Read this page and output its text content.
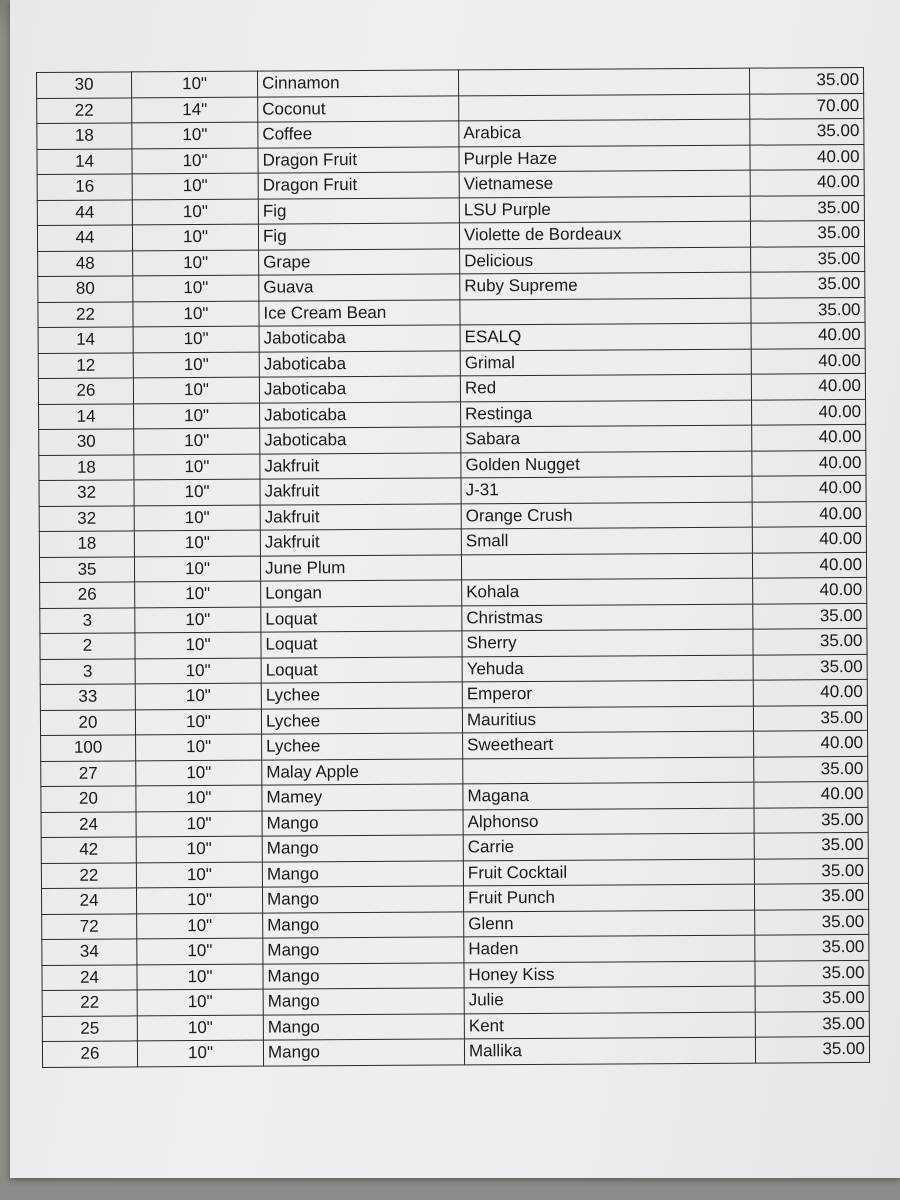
30	10"	Cinnamon		35.00
22	14"	Coconut		70.00
18	10"	Coffee	Arabica	35.00
14	10"	Dragon Fruit	Purple Haze	40.00
16	10"	Dragon Fruit	Vietnamese	40.00
44	10"	Fig	LSU Purple	35.00
44	10"	Fig	Violette de Bordeaux	35.00
48	10"	Grape	Delicious	35.00
80	10"	Guava	Ruby Supreme	35.00
22	10"	Ice Cream Bean		35.00
14	10"	Jaboticaba	ESALQ	40.00
12	10"	Jaboticaba	Grimal	40.00
26	10"	Jaboticaba	Red	40.00
14	10"	Jaboticaba	Restinga	40.00
30	10"	Jaboticaba	Sabara	40.00
18	10"	Jakfruit	Golden Nugget	40.00
32	10"	Jakfruit	J-31	40.00
32	10"	Jakfruit	Orange Crush	40.00
18	10"	Jakfruit	Small	40.00
35	10"	June Plum		40.00
26	10"	Longan	Kohala	40.00
3	10"	Loquat	Christmas	35.00
2	10"	Loquat	Sherry	35.00
3	10"	Loquat	Yehuda	35.00
33	10"	Lychee	Emperor	40.00
20	10"	Lychee	Mauritius	35.00
100	10"	Lychee	Sweetheart	40.00
27	10"	Malay Apple		35.00
20	10"	Mamey	Magana	40.00
24	10"	Mango	Alphonso	35.00
42	10"	Mango	Carrie	35.00
22	10"	Mango	Fruit Cocktail	35.00
24	10"	Mango	Fruit Punch	35.00
72	10"	Mango	Glenn	35.00
34	10"	Mango	Haden	35.00
24	10"	Mango	Honey Kiss	35.00
22	10"	Mango	Julie	35.00
25	10"	Mango	Kent	35.00
26	10"	Mango	Mallika	35.00
